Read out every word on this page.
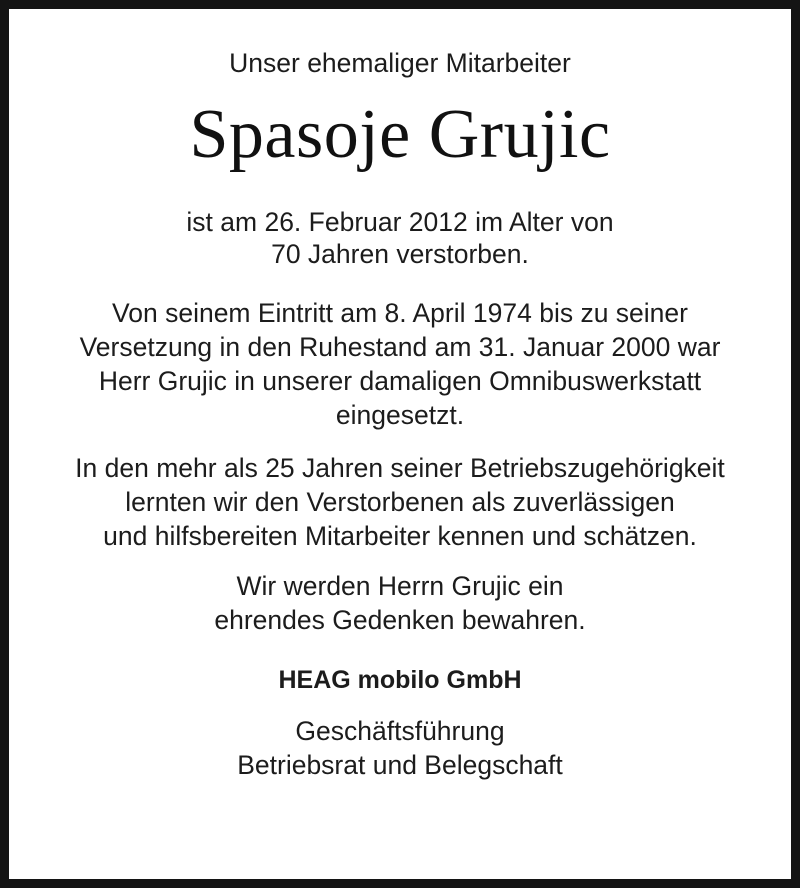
Unser ehemaliger Mitarbeiter
Spasoje Grujic
ist am 26. Februar 2012 im Alter von
70 Jahren verstorben.
Von seinem Eintritt am 8. April 1974 bis zu seiner
Versetzung in den Ruhestand am 31. Januar 2000 war
Herr Grujic in unserer damaligen Omnibuswerkstatt
eingesetzt.
In den mehr als 25 Jahren seiner Betriebszugehörigkeit
lernten wir den Verstorbenen als zuverlässigen
und hilfsbereiten Mitarbeiter kennen und schätzen.
Wir werden Herrn Grujic ein
ehrendes Gedenken bewahren.
HEAG mobilo GmbH
Geschäftsführung
Betriebsrat und Belegschaft
